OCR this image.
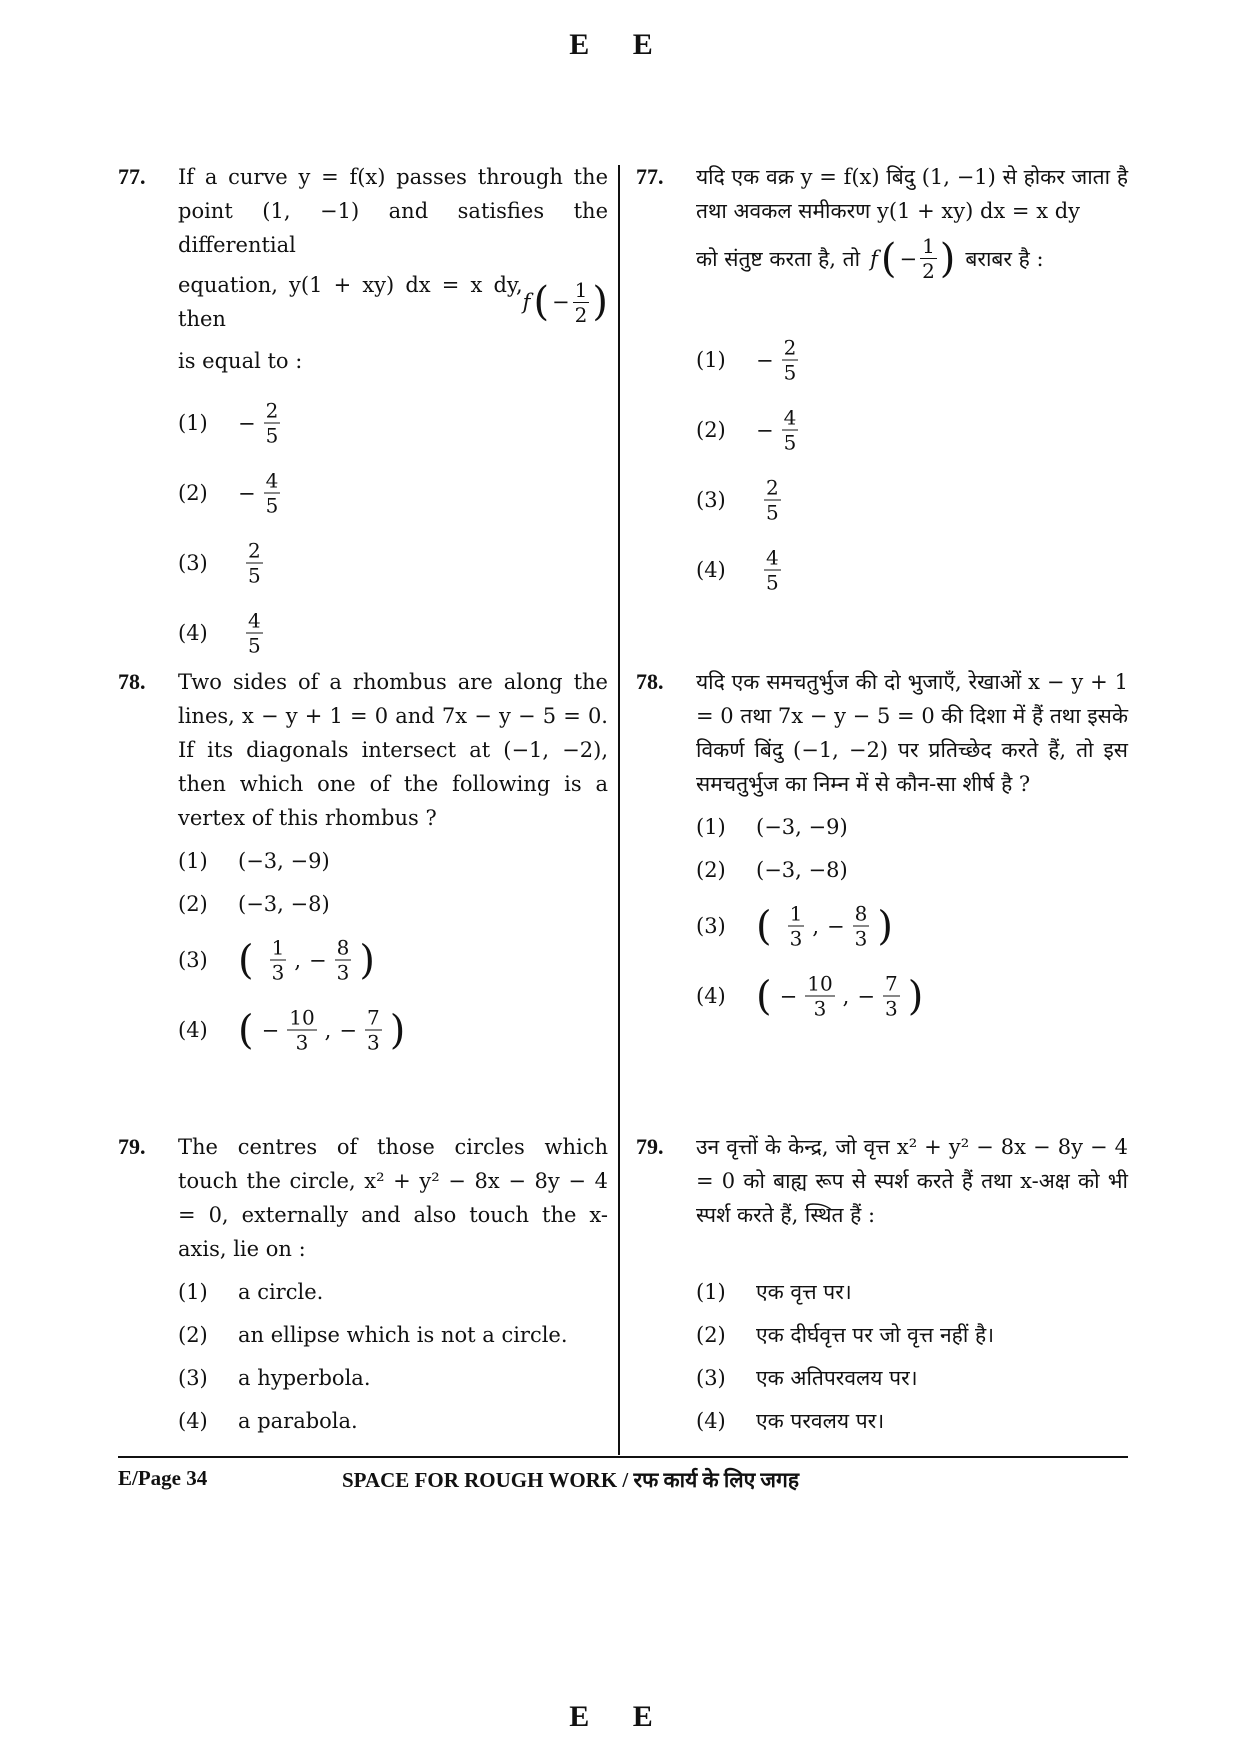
E E
77. If a curve y = f(x) passes through the point (1, −1) and satisfies the differential
equation, y(1 + xy) dx = x dy, then
f ( − $\frac{1}{2}$ )
is equal to :
$(1) - \frac{2}{5}$
$(2) - \frac{4}{5}$
$(3) \frac{2}{5}$
$(4) \frac{4}{5}$
78. Two sides of a rhombus are along the lines, x − y + 1 = 0 and 7x − y − 5 = 0. If its diagonals intersect at (−1, −2), then which one of the following is a vertex of this rhombus ?
(1) (−3, −9)
(2) (−3, −8)
(3) ( $\frac{1}{3}$ , − $\frac{8}{3}$ )
(4) ( − $\frac{10}{3}$ , − $\frac{7}{3}$ )
79. The centres of those circles which touch the circle, x² + y² − 8x − 8y − 4 = 0, externally and also touch the x-axis, lie on :
(1) a circle.
(2) an ellipse which is not a circle.
(3) a hyperbola.
(4) a parabola.
77. यदि एक वक्र y = f(x) बिंदु (1, −1) से होकर जाता है तथा अवकल समीकरण y(1 + xy) dx = x dy
को संतुष्ट करता है, तो f ( − $\frac{1}{2}$ ) बराबर है :
$(1) - \frac{2}{5}$
$(2) - \frac{4}{5}$
$(3) \frac{2}{5}$
$(4) \frac{4}{5}$
78. यदि एक समचतुर्भुज की दो भुजाएँ, रेखाओं x − y + 1 = 0 तथा 7x − y − 5 = 0 की दिशा में हैं तथा इसके विकर्ण बिंदु (−1, −2) पर प्रतिच्छेद करते हैं, तो इस समचतुर्भुज का निम्न में से कौन-सा शीर्ष है ?
(1) (−3, −9)
(2) (−3, −8)
(3) ( $\frac{1}{3}$ , − $\frac{8}{3}$ )
(4) ( − $\frac{10}{3}$ , − $\frac{7}{3}$ )
79. उन वृत्तों के केन्द्र, जो वृत्त x² + y² − 8x − 8y − 4 = 0 को बाह्य रूप से स्पर्श करते हैं तथा x-अक्ष को भी स्पर्श करते हैं, स्थित हैं :
(1) एक वृत्त पर।
(2) एक दीर्घवृत्त पर जो वृत्त नहीं है।
(3) एक अतिपरवलय पर।
(4) एक परवलय पर।
E/Page 34	SPACE FOR ROUGH WORK / रफ कार्य के लिए जगह
E E
